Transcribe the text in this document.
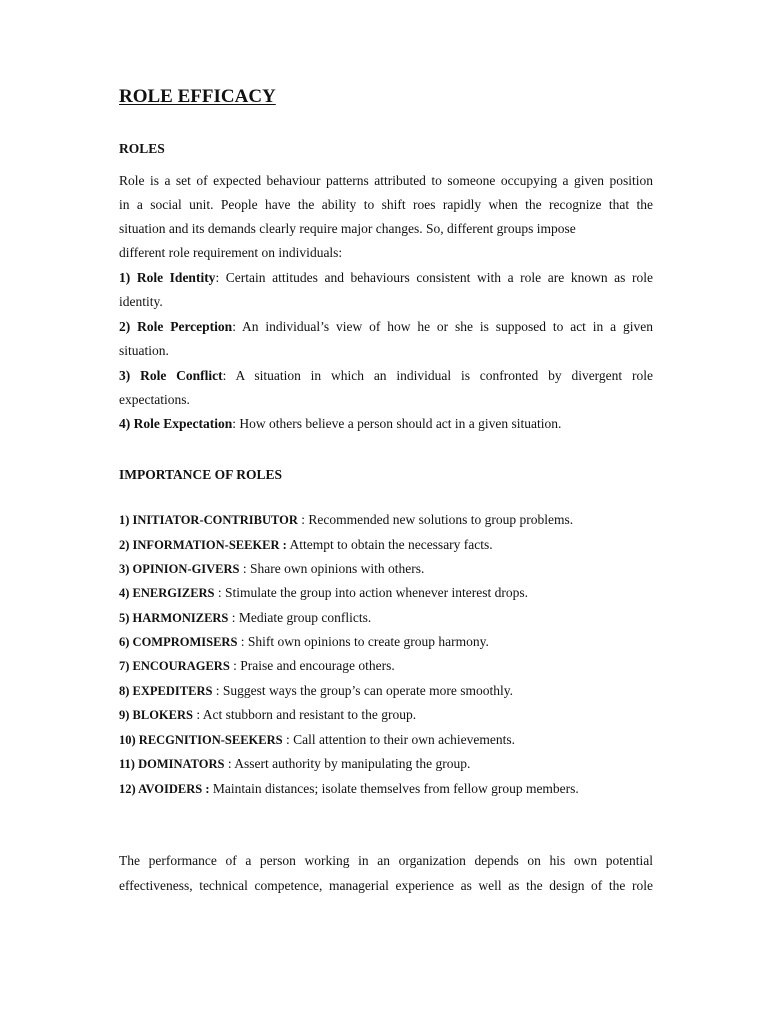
ROLE EFFICACY
ROLES
Role is a set of expected behaviour patterns attributed to someone occupying a given position
in a social unit. People have the ability to shift roes rapidly when the recognize that the
situation and its demands clearly require major changes. So, different groups impose
different role requirement on individuals:
1) Role Identity: Certain attitudes and behaviours consistent with a role are known as role
identity.
2) Role Perception: An individual’s view of how he or she is supposed to act in a given
situation.
3) Role Conflict: A situation in which an individual is confronted by divergent role
expectations.
4) Role Expectation: How others believe a person should act in a given situation.
IMPORTANCE OF ROLES
1) INITIATOR-CONTRIBUTOR : Recommended new solutions to group problems.
2) INFORMATION-SEEKER : Attempt to obtain the necessary facts.
3) OPINION-GIVERS : Share own opinions with others.
4) ENERGIZERS : Stimulate the group into action whenever interest drops.
5) HARMONIZERS : Mediate group conflicts.
6) COMPROMISERS : Shift own opinions to create group harmony.
7) ENCOURAGERS : Praise and encourage others.
8) EXPEDITERS : Suggest ways the group’s can operate more smoothly.
9) BLOKERS : Act stubborn and resistant to the group.
10) RECGNITION-SEEKERS : Call attention to their own achievements.
11) DOMINATORS : Assert authority by manipulating the group.
12) AVOIDERS : Maintain distances; isolate themselves from fellow group members.
The performance of a person working in an organization depends on his own potential
effectiveness, technical competence, managerial experience as well as the design of the role
